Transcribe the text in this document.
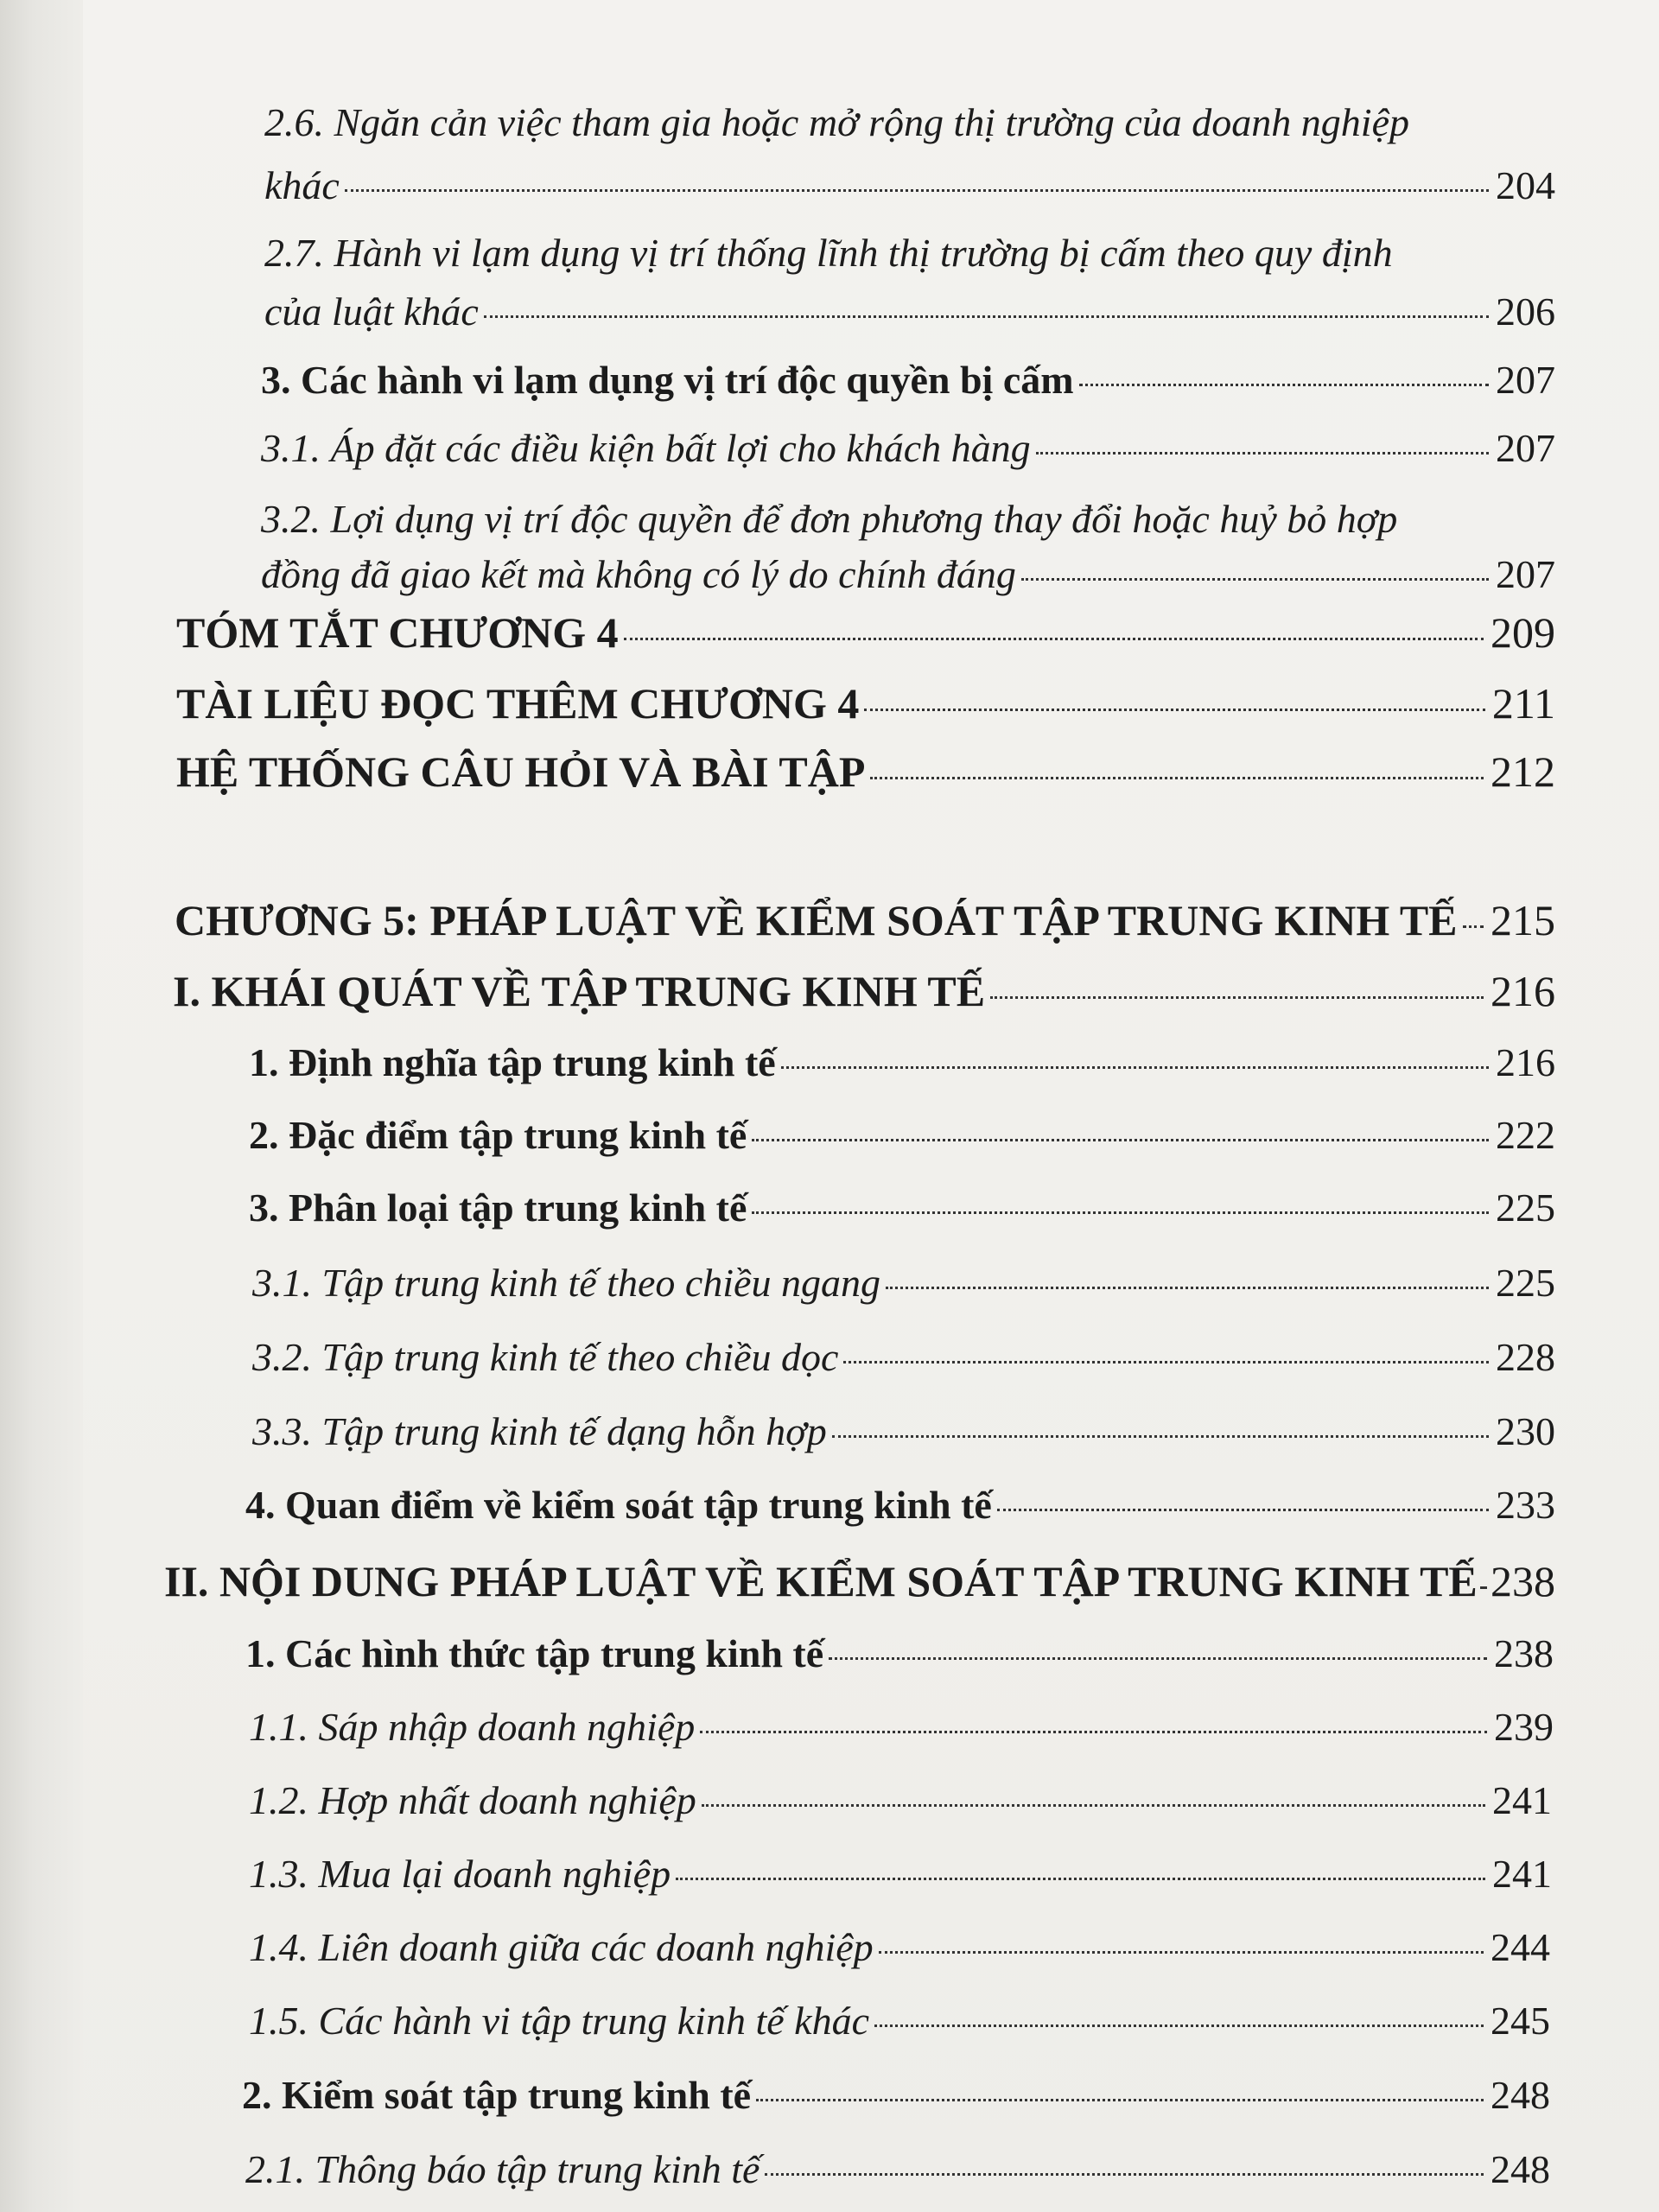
2.6. Ngăn cản việc tham gia hoặc mở rộng thị trường của doanh nghiệp
khác	204
2.7. Hành vi lạm dụng vị trí thống lĩnh thị trường bị cấm theo quy định
của luật khác	206
3. Các hành vi lạm dụng vị trí độc quyền bị cấm	207
3.1. Áp đặt các điều kiện bất lợi cho khách hàng	207
3.2. Lợi dụng vị trí độc quyền để đơn phương thay đổi hoặc huỷ bỏ hợp
đồng đã giao kết mà không có lý do chính đáng	207
TÓM TẮT CHƯƠNG 4	209
TÀI LIỆU ĐỌC THÊM CHƯƠNG 4	211
HỆ THỐNG CÂU HỎI VÀ BÀI TẬP	212
CHƯƠNG 5: PHÁP LUẬT VỀ KIỂM SOÁT TẬP TRUNG KINH TẾ 215
I. KHÁI QUÁT VỀ TẬP TRUNG KINH TẾ	216
1. Định nghĩa tập trung kinh tế	216
2. Đặc điểm tập trung kinh tế	222
3. Phân loại tập trung kinh tế	225
3.1. Tập trung kinh tế theo chiều ngang	225
3.2. Tập trung kinh tế theo chiều dọc	228
3.3. Tập trung kinh tế dạng hỗn hợp	230
4. Quan điểm về kiểm soát tập trung kinh tế	233
II. NỘI DUNG PHÁP LUẬT VỀ KIỂM SOÁT TẬP TRUNG KINH TẾ 238
1. Các hình thức tập trung kinh tế	238
1.1. Sáp nhập doanh nghiệp	239
1.2. Hợp nhất doanh nghiệp	241
1.3. Mua lại doanh nghiệp	241
1.4. Liên doanh giữa các doanh nghiệp	244
1.5. Các hành vi tập trung kinh tế khác	245
2. Kiểm soát tập trung kinh tế	248
2.1. Thông báo tập trung kinh tế	248
